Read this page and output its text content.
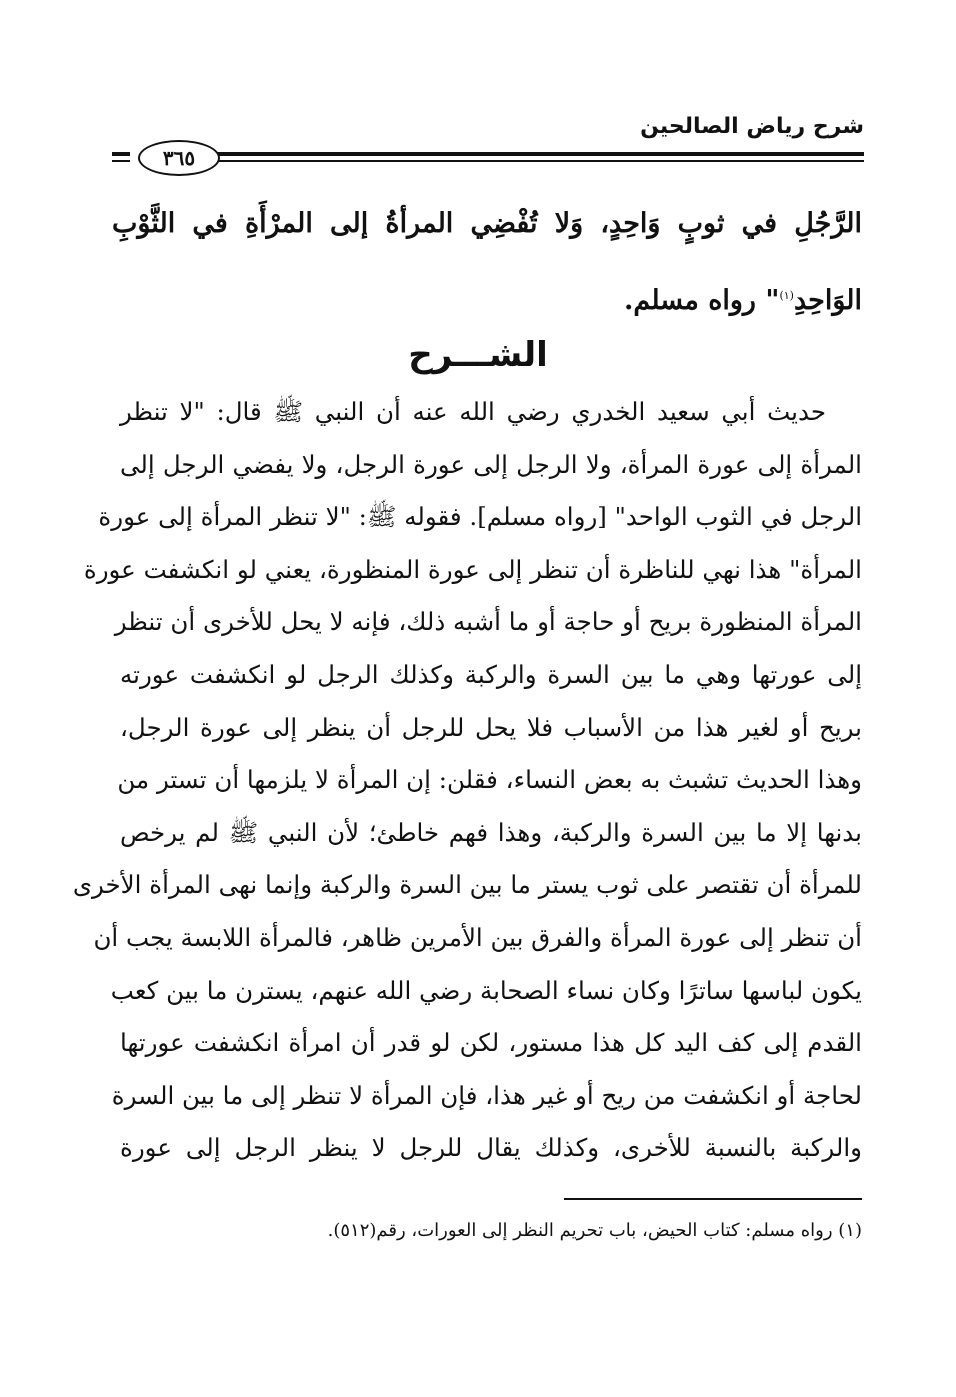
شرح رياض الصالحين
٣٦٥
الرَّجُلِ في ثوبٍ وَاحِدٍ، وَلا تُفْضِي المرأةُ إلى المرْأَةِ في الثَّوْبِ الوَاحِدِ$^{(١)}$" رواه مسلم.
الشـــرح
حديث أبي سعيد الخدري رضي الله عنه أن النبي ﷺ قال: "لا تنظر
المرأة إلى عورة المرأة، ولا الرجل إلى عورة الرجل، ولا يفضي الرجل إلى
الرجل في الثوب الواحد" [رواه مسلم]. فقوله ﷺ: "لا تنظر المرأة إلى عورة
المرأة" هذا نهي للناظرة أن تنظر إلى عورة المنظورة، يعني لو انكشفت عورة
المرأة المنظورة بريح أو حاجة أو ما أشبه ذلك، فإنه لا يحل للأخرى أن تنظر
إلى عورتها وهي ما بين السرة والركبة وكذلك الرجل لو انكشفت عورته
بريح أو لغير هذا من الأسباب فلا يحل للرجل أن ينظر إلى عورة الرجل،
وهذا الحديث تشبث به بعض النساء، فقلن: إن المرأة لا يلزمها أن تستر من
بدنها إلا ما بين السرة والركبة، وهذا فهم خاطئ؛ لأن النبي ﷺ لم يرخص
للمرأة أن تقتصر على ثوب يستر ما بين السرة والركبة وإنما نهى المرأة الأخرى
أن تنظر إلى عورة المرأة والفرق بين الأمرين ظاهر، فالمرأة اللابسة يجب أن
يكون لباسها ساترًا وكان نساء الصحابة رضي الله عنهم، يسترن ما بين كعب
القدم إلى كف اليد كل هذا مستور، لكن لو قدر أن امرأة انكشفت عورتها
لحاجة أو انكشفت من ريح أو غير هذا، فإن المرأة لا تنظر إلى ما بين السرة
والركبة بالنسبة للأخرى، وكذلك يقال للرجل لا ينظر الرجل إلى عورة
(١) رواه مسلم: كتاب الحيض، باب تحريم النظر إلى العورات، رقم(٥١٢).
